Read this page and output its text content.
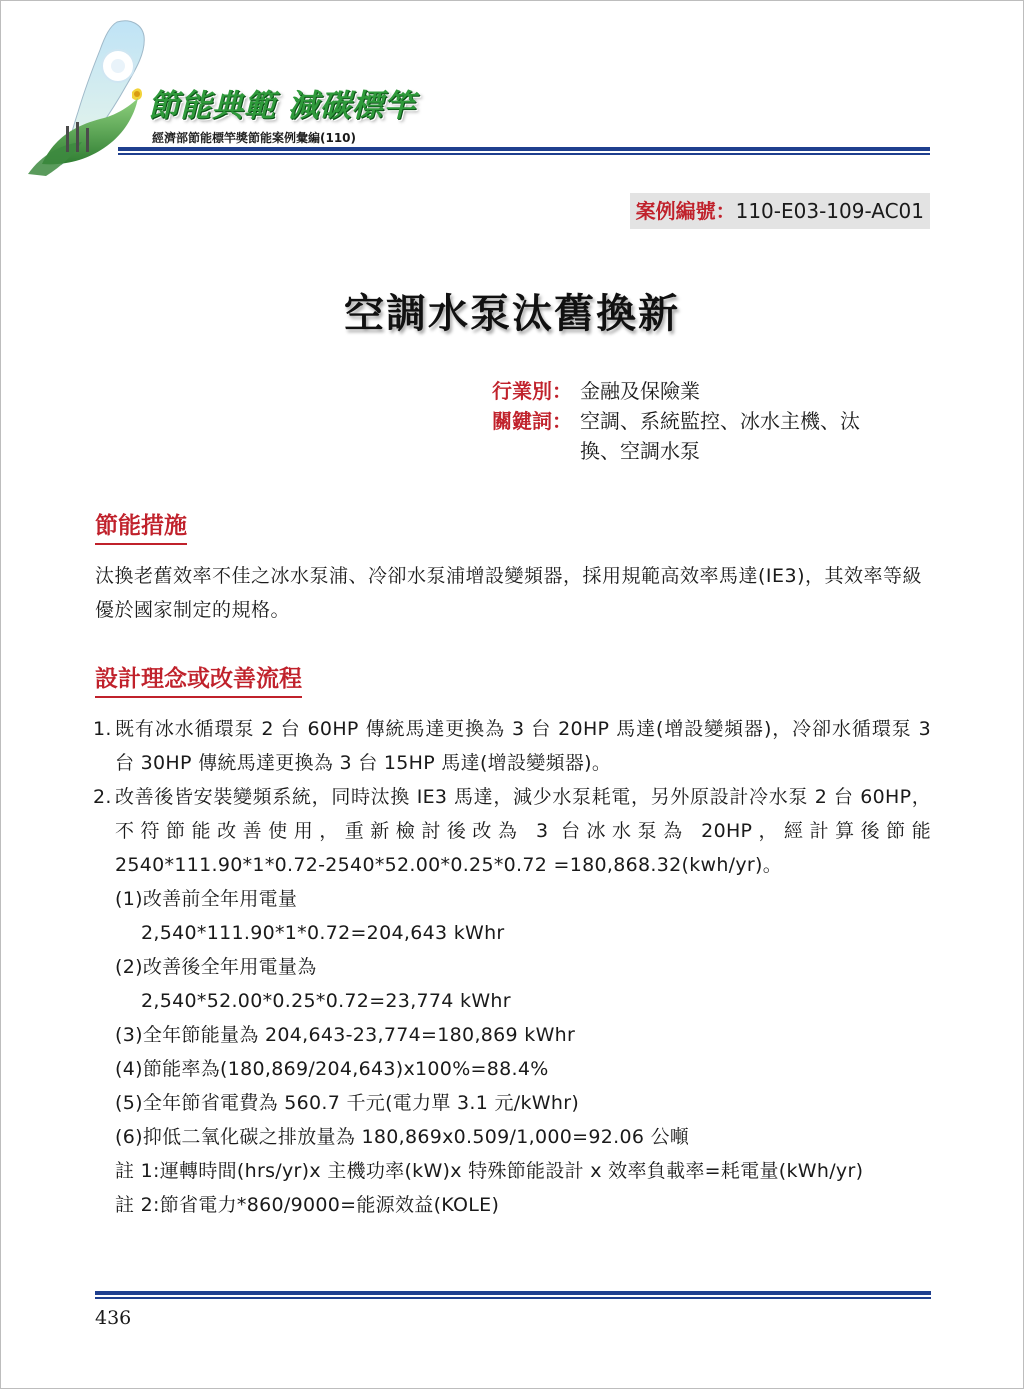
節能典範 減碳標竿
經濟部節能標竿獎節能案例彙編(110)
案例編號：110-E03-109-AC01
空調水泵汰舊換新
行業別： 金融及保險業
關鍵詞： 空調、系統監控、冰水主機、汰換、空調水泵
節能措施
汰換老舊效率不佳之冰水泵浦、冷卻水泵浦增設變頻器，採用規範高效率馬達(IE3)，其效率等級優於國家制定的規格。
設計理念或改善流程
1. 既有冰水循環泵 2 台 60HP 傳統馬達更換為 3 台 20HP 馬達(增設變頻器)，冷卻水循環泵 3 台 30HP 傳統馬達更換為 3 台 15HP 馬達(增設變頻器)。
2. 改善後皆安裝變頻系統，同時汰換 IE3 馬達，減少水泵耗電，另外原設計冷水泵 2 台 60HP，不符節能改善使用，重新檢討後改為 3 台冰水泵為 20HP，經計算後節能 2540*111.90*1*0.72-2540*52.00*0.25*0.72 =180,868.32(kwh/yr)。
(1)改善前全年用電量
2,540*111.90*1*0.72=204,643 kWhr
(2)改善後全年用電量為
2,540*52.00*0.25*0.72=23,774 kWhr
(3)全年節能量為 204,643-23,774=180,869 kWhr
(4)節能率為(180,869/204,643)x100%=88.4%
(5)全年節省電費為 560.7 千元(電力單 3.1 元/kWhr)
(6)抑低二氧化碳之排放量為 180,869x0.509/1,000=92.06 公噸
註 1:運轉時間(hrs/yr)x 主機功率(kW)x 特殊節能設計 x 效率負載率=耗電量(kWh/yr)
註 2:節省電力*860/9000=能源效益(KOLE)
436
